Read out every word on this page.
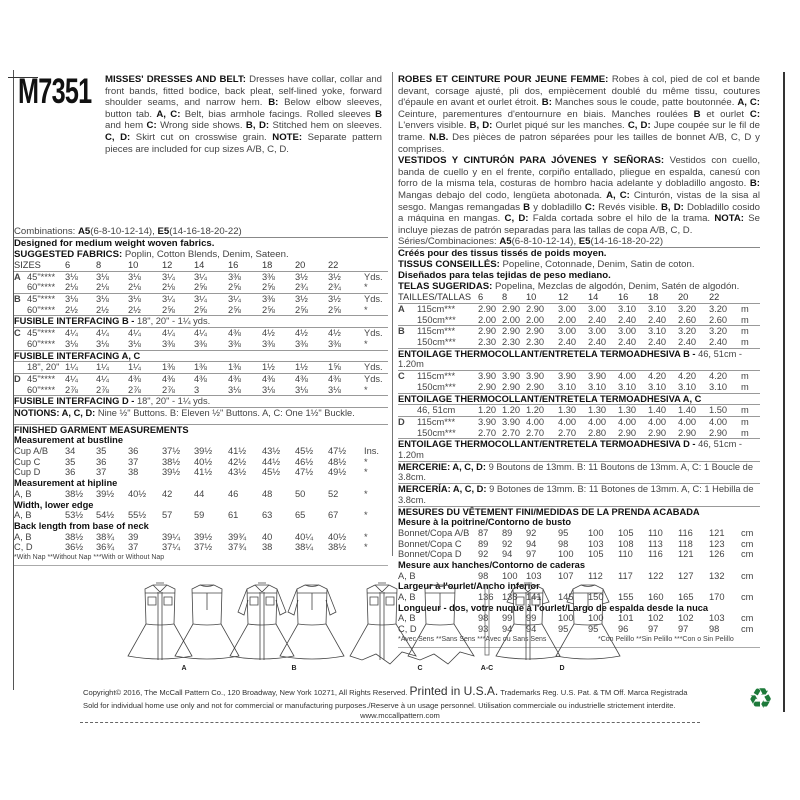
M7351 MISSES' DRESSES AND BELT: Dresses have collar, collar and front bands, fitted bodice, back pleat, self-lined yoke, forward shoulder seams, and narrow hem. B: Below elbow sleeves, button tab. A, C: Belt, bias armhole facings. Rolled sleeves B and hem C: Wrong side shows. B, D: Stitched hem on sleeves. C, D: Skirt cut on crosswise grain. NOTE: Separate pattern pieces are included for cup sizes A/B, C, D.
Combinations: A5(6-8-10-12-14), E5(14-16-18-20-22)
Designed for medium weight woven fabrics.
SUGGESTED FABRICS: Poplin, Cotton Blends, Denim, Sateen.
SIZES	6	8	10	12 14	16	18 20 22
A 45"**** 3⅛ 3⅛ 3⅛ 3¼ 3¼ 3⅜ 3⅜ 3½ 3½ Yds.
60"**** 2⅛ 2⅛ 2⅛ 2⅛ 2⅝ 2⅝ 2⅝ 2¾ 2¾ *
B 45"**** 3⅛ 3⅛ 3⅛ 3¼ 3¼ 3¼ 3⅜ 3½ 3½ Yds.
60"**** 2½ 2½ 2½ 2⅝ 2⅝ 2⅝ 2⅝ 2⅝ 2⅝ *
FUSIBLE INTERFACING B - 18", 20" - 1¼ yds.
C 45"**** 4¼ 4¼ 4¼ 4¼ 4¼ 4⅜ 4½ 4½ 4½ Yds.
60"**** 3⅛ 3⅛ 3⅛ 3⅜ 3⅜ 3⅜ 3⅜ 3⅜ 3⅜ *
FUSIBLE INTERFACING A, C
18", 20" 1¼ 1¼ 1¼ 1⅜ 1⅜ 1⅜ 1½ 1½ 1⅝ Yds.
D 45"**** 4¼ 4¼ 4⅜ 4⅜ 4⅜ 4⅜ 4⅜ 4⅜ 4⅜ Yds.
60"**** 2⅞ 2⅞ 2⅞ 2⅞ 3	3⅛ 3⅛ 3⅛ 3⅛ *
FUSIBLE INTERFACING D - 18", 20" - 1¼ yds.
NOTIONS: A, C, D: Nine ½" Buttons. B: Eleven ½" Buttons. A, C: One 1½" Buckle.
FINISHED GARMENT MEASUREMENTS
Measurement at bustline
Cup A/B 34 35 36	37½ 39½ 41½ 43½ 45½ 47½ Ins.
Cup C	35 36 37	38½ 40½ 42½ 44½ 46½ 48½ *
Cup D	36 37 38	39½ 41½ 43½ 45½ 47½ 49½ *
Measurement at hipline
A, B	38½ 39½ 40½ 42 44	46	48 50 52	*
Width, lower edge
A, B	53½ 54½ 55½ 57 59	61	63 65 67	*
Back length from base of neck
A, B	38½ 38¾ 39	39¼ 39½ 39¾ 40 40¼ 40½ *
C, D	36½ 36¾ 37	37¼ 37½ 37¾ 38 38¼ 38½ *
*With Nap **Without Nap ***With or Without Nap
ROBES ET CEINTURE POUR JEUNE FEMME: Robes à col, pied de col et bande devant, corsage ajusté, pli dos, empiècement doublé du même tissu, coutures d'épaule en avant et ourlet étroit. B: Manches sous le coude, patte boutonnée. A, C: Ceinture, parementures d'entournure en biais. Manches roulées B et ourlet C: L'envers visible. B, D: Ourlet piqué sur les manches. C, D: Jupe coupée sur le fil de trame. N.B. Des pièces de patron séparées pour les tailles de bonnet A/B, C, D y comprises.
VESTIDOS Y CINTURÓN PARA JÓVENES Y SEÑORAS: Vestidos con cuello, banda de cuello y en el frente, corpiño entallado, pliegue en espalda, canesú con forro de la misma tela, costuras de hombro hacia adelante y dobladillo angosto. B: Mangas debajo del codo, lengüeta abotonada. A, C: Cinturón, vistas de la sisa al sesgo. Mangas remangadas B y dobladillo C: Revés visible. B, D: Dobladillo cosido a máquina en mangas. C, D: Falda cortada sobre el hilo de la trama. NOTA: Se incluye piezas de patrón separadas para las tallas de copa A/B, C, D.
Séries/Combinaciones: A5(6-8-10-12-14), E5(14-16-18-20-22)
Créés pour des tissus tissés de poids moyen.
TISSUS CONSEILLÉS: Popeline, Cotonnade, Denim, Satin de coton.
Diseñados para telas tejidas de peso mediano.
TELAS SUGERIDAS: Popelina, Mezclas de algodón, Denim, Satén de algodón.
TAILLES/TALLAS 6 8 10 12 14 16 18 20 22
A 115cm*** 2.90 2.90 2.90 3.00 3.00 3.10 3.10 3.20 3.20 m
150cm*** 2.00 2.00 2.00 2.00 2.40 2.40 2.40 2.60 2.60 m
B 115cm*** 2.90 2.90 2.90 3.00 3.00 3.00 3.10 3.20 3.20 m
150cm*** 2.30 2.30 2.30 2.40 2.40 2.40 2.40 2.40 2.40 m
ENTOILAGE THERMOCOLLANT/ENTRETELA TERMOADHESIVA B - 46, 51cm - 1.20m
C 115cm*** 3.90 3.90 3.90 3.90 3.90 4.00 4.20 4.20 4.20 m
150cm*** 2.90 2.90 2.90 3.10 3.10 3.10 3.10 3.10 3.10 m
ENTOILAGE THERMOCOLLANT/ENTRETELA TERMOADHESIVA A, C
46, 51cm 1.20 1.20 1.20 1.30 1.30 1.30 1.40 1.40 1.50 m
D 115cm*** 3.90 3.90 4.00 4.00 4.00 4.00 4.00 4.00 4.00 m
150cm*** 2.70 2.70 2.70 2.70 2.80 2.90 2.90 2.90 2.90 m
ENTOILAGE THERMOCOLLANT/ENTRETELA TERMOADHESIVA D - 46, 51cm - 1.20m
MERCERIE: A, C, D: 9 Boutons de 13mm. B: 11 Boutons de 13mm. A, C: 1 Boucle de 3.8cm.
MERCERÍA: A, C, D: 9 Botones de 13mm. B: 11 Botones de 13mm. A, C: 1 Hebilla de 3.8cm.
MESURES DU VÊTEMENT FINI/MEDIDAS DE LA PRENDA ACABADA
Mesure à la poitrine/Contorno de busto
Bonnet/Copa A/B 87 89 92 95 100 105 110 116 121 cm
Bonnet/Copa C 89 92 94 98 103 108 113 118 123 cm
Bonnet/Copa D 92 94 97 100 105 110 116 121 126 cm
Mesure aux hanches/Contorno de caderas
A, B	98 100 103 107 112 117 122 127 132 cm
Largeur à l'ourlet/Ancho inferior
A, B	136 138 141 145 150 155 160 165 170 cm
Longueur - dos, votre nuque à l'ourlet/Largo de espalda desde la nuca
A, B	98 99 99 100 100 101 102 102 103 cm
C, D	93 94 94 95 95 96 97 97 98 cm
*Avec Sens **Sans Sens ***Avec ou Sans Sens	*Con Pelillo **Sin Pelillo ***Con o Sin Pelillo
A	B	C	A-C	D
Copyright© 2016, The McCall Pattern Co., 120 Broadway, New York 10271, All Rights Reserved. Printed in U.S.A. Trademarks Reg. U.S. Pat. & TM Off. Marca Registrada
Sold for individual home use only and not for commercial or manufacturing purposes./Reserve à un usage personnel. Utilisation commerciale ou industrielle strictement interdite.
www.mccallpattern.com
♻
